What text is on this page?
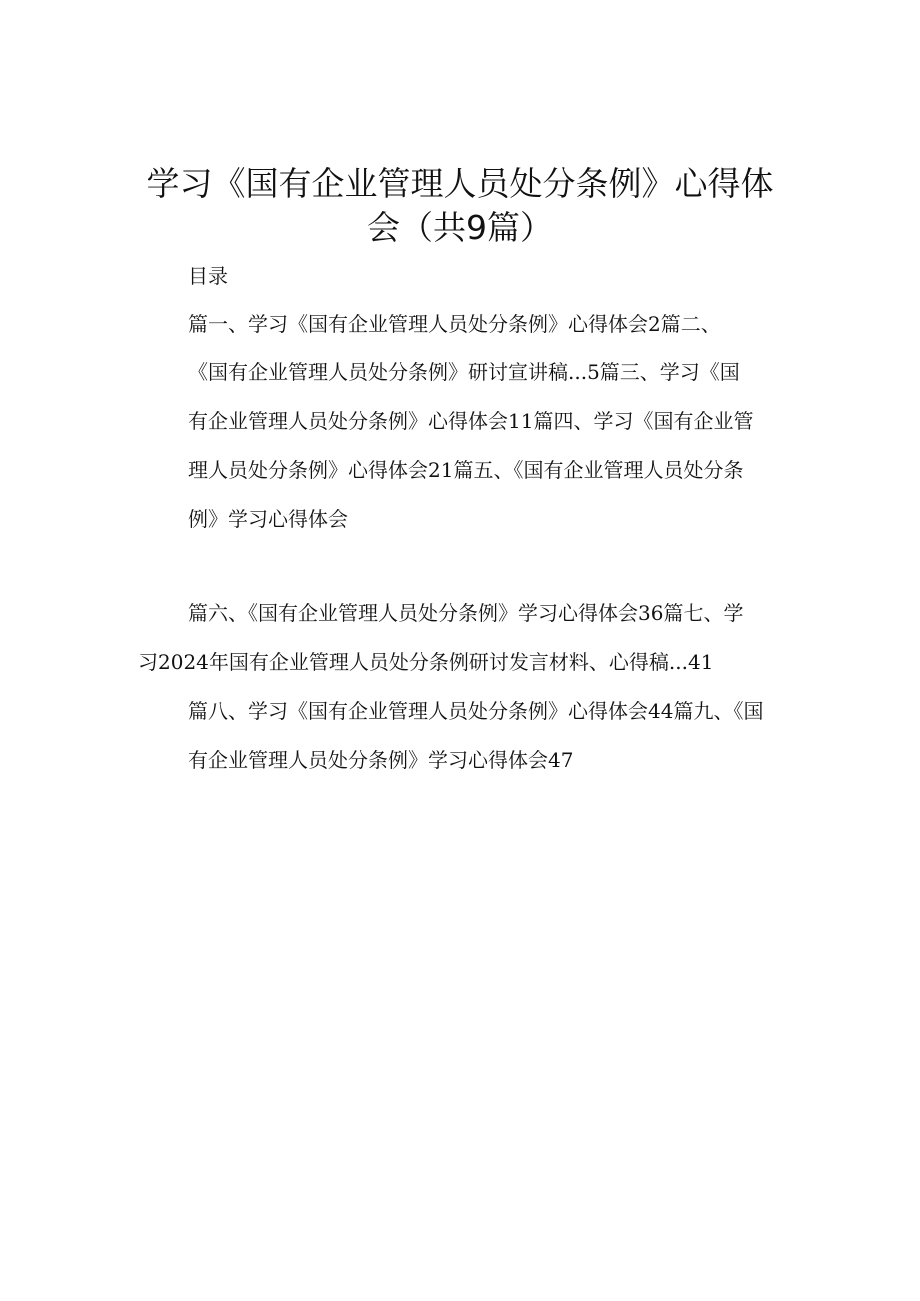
学习《国有企业管理人员处分条例》心得体
会（共9篇）
目录
篇一、学习《国有企业管理人员处分条例》心得体会2篇二、
《国有企业管理人员处分条例》研讨宣讲稿...5篇三、学习《国
有企业管理人员处分条例》心得体会11篇四、学习《国有企业管
理人员处分条例》心得体会21篇五、《国有企业管理人员处分条
例》学习心得体会
篇六、《国有企业管理人员处分条例》学习心得体会36篇七、学
习2024年国有企业管理人员处分条例研讨发言材料、心得稿...41
篇八、学习《国有企业管理人员处分条例》心得体会44篇九、《国
有企业管理人员处分条例》学习心得体会47
